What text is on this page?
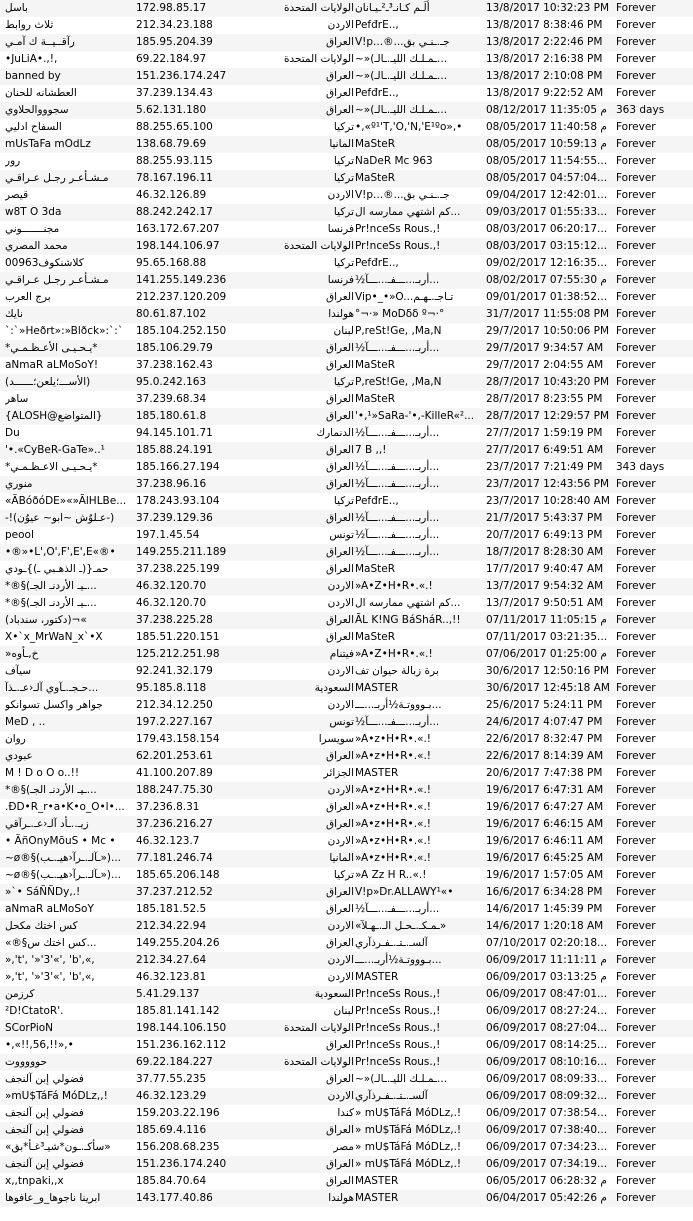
باسل	172.98.85.17	الولايات المتحدة أَلَـم كـانـ³ـ²ـيـانان	13/8/2017 10:32:23 PM Forever
ثلاث روابط	212.34.23.188	الاردن PefđrE..,	13/8/2017 8:38:46 PM	Forever
رآقــيــة ك آمـي	185.95.204.39	العراق V!p...®...جـ.ـنـي بق	13/8/2017 2:22:46 PM	Forever
•JuLiA•.,!,	69.22.184.97	الولايات المتحدة ~»(ـمـلـك الليـ.ـالـ...	13/8/2017 2:16:38 PM	Forever
banned by	151.236.174.247	العراق ~»(ـمـلـك الليـ.ـالـ...	13/8/2017 2:10:08 PM	Forever
العطشانه للحنان	37.239.134.43	العراق PefđrE..,	13/8/2017 9:22:52 AM	Forever
سجوووالحلاوي	5.62.131.180	العراق ~»(ـمـلـك الليـ.ـالـ...	08/12/2017 11:35:05 م 363 days
السفاح ادليي	88.255.65.100	تركيا •,«º¹'T,'O,'N,'E¹ºo»,•	08/05/2017 11:40:58 م Forever
mUsTaFa mOdLz	138.68.79.69	المانيا MaSteR	08/05/2017 10:59:13 م Forever
رور	88.255.93.115	تركيا NaDeR Mc 963	08/05/2017 11:54:55... Forever
مـشـأعـر رجـل عـراقـي	78.167.196.11	تركيا MaSteR	08/05/2017 04:57:04... Forever
قيصر	46.32.126.89	الاردن V!p...®...جـ.ـنـي بق	09/04/2017 12:42:01... Forever
w8T O 3da	88.242.242.17	تركيا كم اشتهي ممارسه ال...	09/03/2017 01:55:33... Forever
مجنـــــــوني	163.172.67.207	فرنسا Pr!nceSs Rous.,!	08/03/2017 06:20:17... Forever
محمد المصري	198.144.106.97	الولايات المتحدة Pr!nceSs Rous.,!	08/03/2017 03:15:12... Forever
00963كلاشنكوف	95.65.168.88	تركيا PefđrE..,	09/02/2017 12:16:35... Forever
مـشـأعـر رجـل عـراقـي	141.255.149.236	فرنسا ½أربـ...ـــفـ...ـــآ...	08/02/2017 07:55:30 م Forever
برج العرب	212.237.120.209	العراق Vip•_•»O...تـاجـ.ـهـم	09/01/2017 01:38:52... Forever
نايك	80.61.87.102	هولندا °¬·» MoDẟẟ º¬·°	31/7/2017 11:55:08 PM Forever
`:`»Heðrt»:»Blðck»:`:`	185.104.252.150	لبنان P,reSt!Ge, ,Ma,N	29/7/2017 10:50:06 PM Forever
*يـحـيـى الأعـظـمـي*	185.106.29.79	العراق ½أربـ...ـــفـ...ـــآ...	29/7/2017 9:34:57 AM	Forever
aNmaR aLMoSoY!	37.238.162.43	العراق MaSteR	29/7/2017 2:04:55 AM	Forever
(الأســـ؛يلعن؛ــــــد)	95.0.242.163	تركيا P,reSt!Ge, ,Ma,N	28/7/2017 10:43:20 PM Forever
ساهر	37.239.68.34	العراق MaSteR	28/7/2017 8:23:55 PM	Forever
{ALOSH@المتواضع}	185.180.61.8	العراق '•,¹»SaRa-'•,-KilleR«²...	28/7/2017 12:29:57 PM Forever
Du	94.145.101.71	الدنمارك ½أربـ...ـــفـ...ـــآ...	27/7/2017 1:59:19 PM	Forever
'•.«CyBeR-GaTe»..¹	185.88.24.191	العراق 7 B ,,!	27/7/2017 6:49:51 AM	Forever
*يـحـيـى الاعـظـمـي*	185.166.27.194	العراق ½أربـ...ـــفـ...ـــآ...	23/7/2017 7:21:49 PM	343 days
منوري	37.238.96.16	العراق ½أربـ...ـــفـ...ـــآ...	23/7/2017 12:43:56 PM Forever
«ÃBóðóDE»«»ÃlHLBe... 178.243.93.104	تركيا PefđrE..,	23/7/2017 10:28:40 AM Forever
-!(عـلوُش ~ابو~ عيوُن-)	37.239.129.36	العراق ½أربـ...ـــفـ...ـــآ...	21/7/2017 5:43:37 PM	Forever
peool	197.1.45.54	تونس ½أربـ...ـــفـ...ـــآ...	20/7/2017 6:49:13 PM	Forever
•®»•L',O',F',E',E«®•	149.255.211.189	العراق ½أربـ...ـــفـ...ـــآ...	18/7/2017 8:28:30 AM	Forever
حمـ{(ـ الذهـبي ـ)}ـودي	37.238.225.199	العراق MaSteR	17/7/2017 9:40:47 AM	Forever
*®§(ـيـ الأردنـ الجـ...	46.32.120.70	الاردن »A•Z•H•R•.«.!	13/7/2017 9:54:32 AM	Forever
*®§(ـيـ الأردنـ الجـ...	46.32.120.70	الاردن كم اشتهي ممارسه ال...	13/7/2017 9:50:51 AM	Forever
(دكتور، سندباد)¬«	37.238.225.28	العراق ÃL K!NG BáSháR..,!!	07/11/2017 11:05:15 م Forever
X•`x_MrWaN_x`•X	185.51.220.151	العراق MaSteR	07/11/2017 03:21:35... Forever
»خ‚ـأوه	125.212.251.98	فيتنام »A•Z•H•R•.«.!	07/06/2017 01:25:00 م Forever
سيآف	92.241.32.179	الاردن برة زبالة حيوان تف	30/6/2017 12:50:16 PM Forever
حـجـ.ـآوي آلـ‹عـ.ـذآ...	95.185.8.118	السعودية MASTER	30/6/2017 12:45:18 AM Forever
جواهر واكسل تسوانكو	212.34.12.250	الاردن بـوووتـة½أربـ...ـــ...	25/6/2017 5:24:11 PM	Forever
MeD , ..	197.2.227.167	تونس ½أربـ...ـــفـ...ـــآ...	24/6/2017 4:07:47 PM	Forever
روان	179.43.158.154	سويسرا »A•z•H•R•.«.!	22/6/2017 8:32:47 PM	Forever
عبودي	62.201.253.61	العراق »A•z•H•R•.«.!	22/6/2017 8:14:39 AM	Forever
M ! D o O o..!!	41.100.207.89	الجزائر MASTER	20/6/2017 7:47:38 PM	Forever
*®§(ـيـ الأردنـ الجـ...	188.247.75.30	الاردن »A•z•H•R•.«.!	19/6/2017 6:47:31 AM	Forever
.ÐD•R_r•a•K•o_O•l•...	37.236.8.31	العراق »A•z•H•R•.«.!	19/6/2017 6:47:27 AM	Forever
زيـ..ـأد آلـ‹عـ.ـرآقي	37.236.216.27	العراق »A•z•H•R•.«.!	19/6/2017 6:46:15 AM	Forever
• ÃñOnyMõuS • Mc •	46.32.123.7	الاردن »A•z•H•R•.«.!	19/6/2017 6:46:11 AM	Forever
~ø®§(ـآلـ.ـرآ‹هيـ.ـب»)...	77.181.246.74	المانيا »A•z•H•R•.«.!	19/6/2017 6:45:25 AM	Forever
~ø®§(ـآلـ.ـرآ‹هيـ.ـب»)...	185.65.206.148	تركيا »A Zz H R..«.!	19/6/2017 1:57:05 AM	Forever
»`• SáÑÑDy,.!	37.237.212.52	العراق V!p»Dr.ALLAWY¹«•	16/6/2017 6:34:28 PM	Forever
aNmaR aLMoSoY	185.181.52.5	العراق ½أربـ...ـــفـ...ـــآ...	14/6/2017 1:45:39 PM	Forever
كس اختك مكحل	212.34.22.94	الاردن «ـمـكـ.ـحـل الـ.ـهـلآ»	14/6/2017 1:20:18 AM	Forever
«®§كس اختك س...	149.255.204.26	العراق آلسـ.ـتـ.ـفـرذآري	07/10/2017 02:20:18... Forever
»,'t', '»'3'«', 'b',«,	212.34.27.64	الاردن بـوووتـة½أربـ...ـــ...	06/09/2017 11:11:11 م Forever
»,'t', '»'3'«', 'b',«,	46.32.123.81	الاردن MASTER	06/09/2017 03:13:25 م Forever
كرزمن	5.41.29.137	السعودية Pr!nceSs Rous.,!	06/09/2017 08:47:01... Forever
²D!CtatoR'.	185.81.141.142	لبنان Pr!nceSs Rous.,!	06/09/2017 08:27:24... Forever
SCorPioN	198.144.106.150	الولايات المتحدة Pr!nceSs Rous.,!	06/09/2017 08:27:04... Forever
•,«!!,56,!!»,•	151.236.162.112	العراق Pr!nceSs Rous.,!	06/09/2017 08:14:25... Forever
حوووووت	69.22.184.227	الولايات المتحدة Pr!nceSs Rous.,!	06/09/2017 08:10:16... Forever
فضولي إبن آلنجف	37.77.55.235	العراق ~»(ـمـلـك الليـ.ـالـ...	06/09/2017 08:09:33... Forever
»mU$TáFá MóDLz,,!	46.32.123.29	الاردن آلسـ.ـتـ.ـفـرذآري	06/09/2017 08:09:32... Forever
فضولي إبن آلنجف	159.203.22.196	كندا » mU$TáFá MóDLz,.!	06/09/2017 07:38:54... Forever
فضولي إبن آلنجف	185.69.4.116	العراق » mU$TáFá MóDLz,.!	06/09/2017 07:38:40... Forever
«سأكـ.ـون*شيـ³غـأ*بق»	156.208.68.235	مصر » mU$TáFá MóDLz,.!	06/09/2017 07:34:23... Forever
فضولي إبن آلنجف	151.236.174.240	العراق » mU$TáFá MóDLz,.!	06/09/2017 07:34:19... Forever
x,,tnpaki,,x	185.84.70.64	العراق MASTER	06/05/2017 06:28:32 م Forever
ابرينا ناجوها_و_عافوها	143.177.40.86	هولندا MASTER	06/04/2017 05:42:26 م Forever
